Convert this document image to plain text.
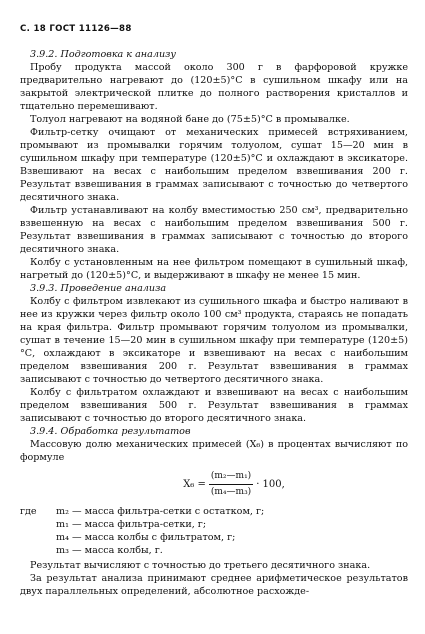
С. 18 ГОСТ 11126—88

3.9.2. Подготовка к анализу

Пробу продукта массой около 300 г в фарфоровой кружке предварительно нагревают до (120±5)°С в сушильном шкафу или на закрытой электрической плитке до полного растворения кристаллов и тщательно перемешивают.

Толуол нагревают на водяной бане до (75±5)°С в промывалке.

Фильтр-сетку очищают от механических примесей встряхиванием, промывают из промывалки горячим толуолом, сушат 15—20 мин в сушильном шкафу при температуре (120±5)°С и охлаждают в эксикаторе. Взвешивают на весах с наибольшим пределом взвешивания 200 г. Результат взвешивания в граммах записывают с точностью до четвертого десятичного знака.

Фильтр устанавливают на колбу вместимостью 250 см³, предварительно взвешенную на весах с наибольшим пределом взвешивания 500 г. Результат взвешивания в граммах записывают с точностью до второго десятичного знака.

Колбу с установленным на нее фильтром помещают в сушильный шкаф, нагретый до (120±5)°С, и выдерживают в шкафу не менее 15 мин.

3.9.3. Проведение анализа

Колбу с фильтром извлекают из сушильного шкафа и быстро наливают в нее из кружки через фильтр около 100 см³ продукта, стараясь не попадать на края фильтра. Фильтр промывают горячим толуолом из промывалки, сушат в течение 15—20 мин в сушильном шкафу при температуре (120±5)°С, охлаждают в эксикаторе и взвешивают на весах с наибольшим пределом взвешивания 200 г. Результат взвешивания в граммах записывают с точностью до четвертого десятичного знака.

Колбу с фильтратом охлаждают и взвешивают на весах с наибольшим пределом взвешивания 500 г. Результат взвешивания в граммах записывают с точностью до второго десятичного знака.

3.9.4. Обработка результатов

Массовую долю механических примесей (X₆) в процентах вычисляют по формуле

$X_6 = \frac{\text{(m₂—m₁)}}{\text{(m₄—m₃)}} \cdot 100$,
где	m₂ — масса фильтра-сетки с остатком, г;
m₁ — масса фильтра-сетки, г;
m₄ — масса колбы с фильтратом, г;
m₃ — масса колбы, г.

Результат вычисляют с точностью до третьего десятичного знака.

За результат анализа принимают среднее арифметическое результатов двух параллельных определений, абсолютное расхожде-
